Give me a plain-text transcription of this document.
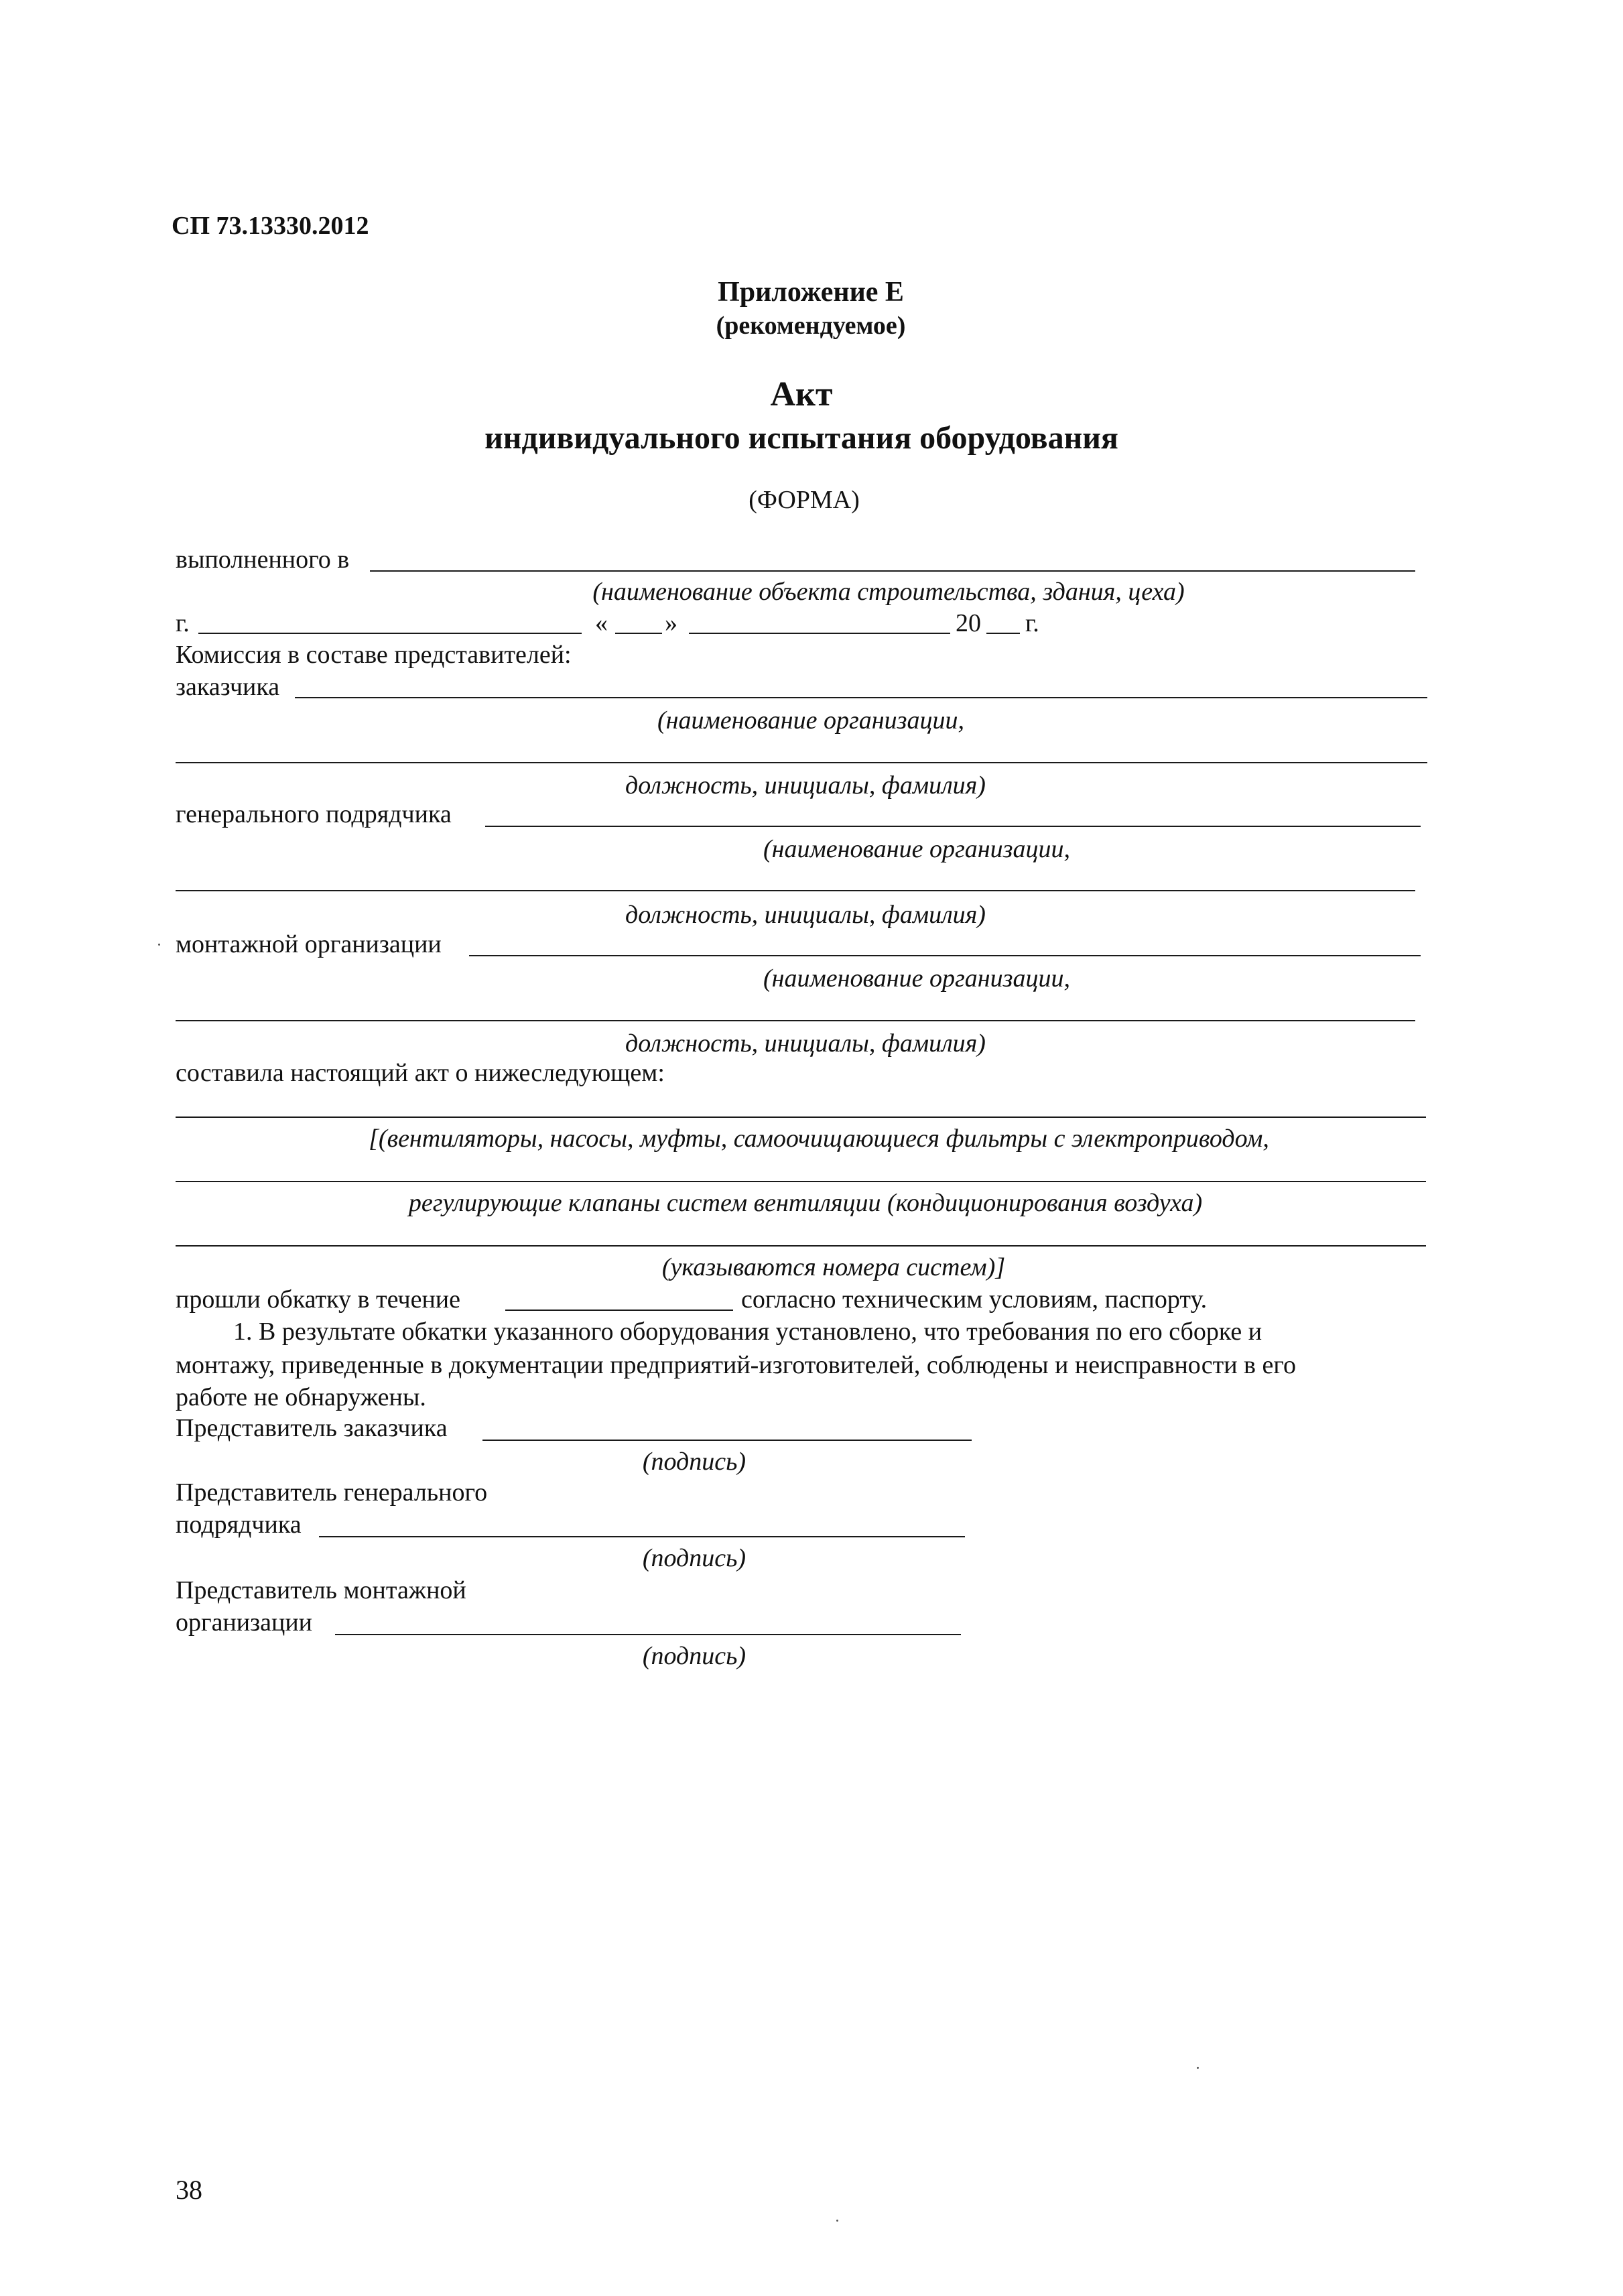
СП 73.13330.2012
Приложение Е
(рекомендуемое)
Акт
индивидуального испытания оборудования
(ФОРМА)
выполненного в
(наименование объекта строительства, здания, цеха)
г.	« »	20 г.
Комиссия в составе представителей:
заказчика
(наименование организации,
должность, инициалы, фамилия)
генерального подрядчика
(наименование организации,
должность, инициалы, фамилия)
монтажной организации
(наименование организации,
должность, инициалы, фамилия)
составила настоящий акт о нижеследующем:
[(вентиляторы, насосы, муфты, самоочищающиеся фильтры с электроприводом,
регулирующие клапаны систем вентиляции (кондиционирования воздуха)
(указываются номера систем)]
прошли обкатку в течение	согласно техническим условиям, паспорту.
1. В результате обкатки указанного оборудования установлено, что требования по его сборке и
монтажу, приведенные в документации предприятий-изготовителей, соблюдены и неисправности в его
работе не обнаружены.
Представитель заказчика
(подпись)
Представитель генерального
подрядчика
(подпись)
Представитель монтажной
организации
(подпись)
38
